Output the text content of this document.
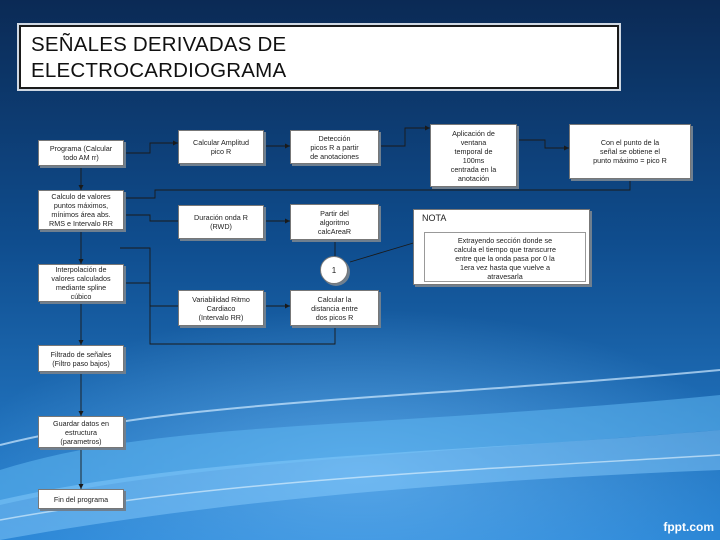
SEÑALES DERIVADAS DE
ELECTROCARDIOGRAMA
Programa (Calcular
todo AM rr)
Calculo de valores
puntos máximos,
mínimos área abs.
RMS e Intervalo RR
Interpolación de
valores calculados
mediante spline
cúbico
Filtrado de señales
(Filtro paso bajos)
Guardar datos en
estructura
(parametros)
Fin del programa
Calcular Amplitud
pico R
Detección
picos R a partir
de anotaciones
Aplicación de
ventana
temporal de
100ms
centrada en la
anotación
Con el punto de la
señal se obtiene el
punto máximo = pico R
Duración onda R
(RWD)
Partir del
algoritmo
calcAreaR
1
Variabilidad Ritmo
Cardiaco
(Intervalo RR)
Calcular la
distancia entre
dos picos R
NOTA
Extrayendo sección donde se
calcula el tiempo que transcurre
entre que la onda pasa por 0 la
1era vez hasta que vuelve a
atravesarla
fppt.com
